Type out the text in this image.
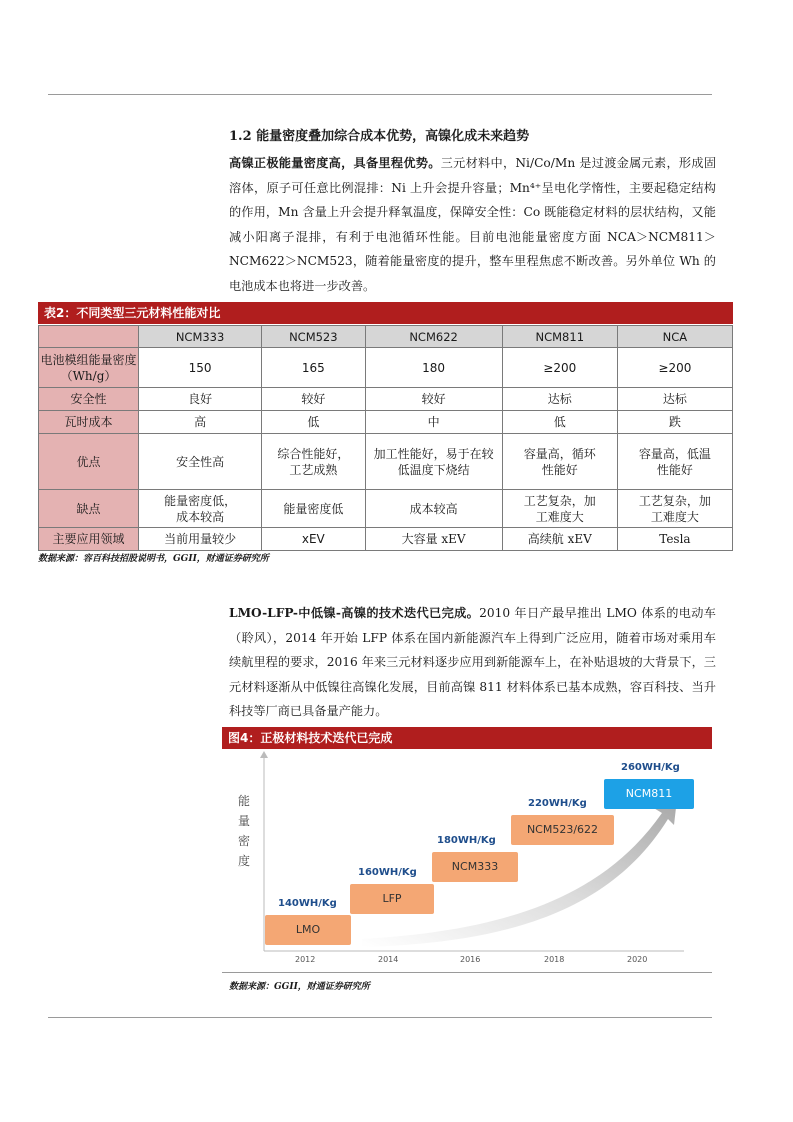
1.2 能量密度叠加综合成本优势，高镍化成未来趋势
高镍正极能量密度高，具备里程优势。三元材料中，Ni/Co/Mn 是过渡金属元素，形成固溶体，原子可任意比例混排：Ni 上升会提升容量；Mn⁴⁺呈电化学惰性，主要起稳定结构的作用，Mn 含量上升会提升释氧温度，保障安全性：Co 既能稳定材料的层状结构，又能减小阳离子混排，有利于电池循环性能。目前电池能量密度方面 NCA＞NCM811＞NCM622＞NCM523，随着能量密度的提升，整车里程焦虑不断改善。另外单位 Wh 的电池成本也将进一步改善。
表2：不同类型三元材料性能对比
	NCM333	NCM523	NCM622	NCM811	NCA
电池模组能量密度（Wh/g）	150	165	180	≥200	≥200
安全性	良好	较好	较好	达标	达标
瓦时成本	高	低	中	低	跌
优点	安全性高	综合性能好，工艺成熟	加工性能好，易于在较低温度下烧结	容量高，循环性能好	容量高，低温性能好
缺点	能量密度低，成本较高	能量密度低	成本较高	工艺复杂，加工难度大	工艺复杂，加工难度大
主要应用领域	当前用量较少	xEV	大容量 xEV	高续航 xEV	Tesla
数据来源：容百科技招股说明书，GGII，财通证券研究所
LMO-LFP-中低镍-高镍的技术迭代已完成。2010 年日产最早推出 LMO 体系的电动车（聆风），2014 年开始 LFP 体系在国内新能源汽车上得到广泛应用，随着市场对乘用车续航里程的要求，2016 年来三元材料逐步应用到新能源车上，在补贴退坡的大背景下，三元材料逐渐从中低镍往高镍化发展，目前高镍 811 材料体系已基本成熟，容百科技、当升科技等厂商已具备量产能力。
图4：正极材料技术迭代已完成
能量密度
140WH/Kg
LMO
160WH/Kg
LFP
180WH/Kg
NCM333
220WH/Kg
NCM523/622
260WH/Kg
NCM811
2012	2014	2016	2018	2020
数据来源：GGII，财通证券研究所
